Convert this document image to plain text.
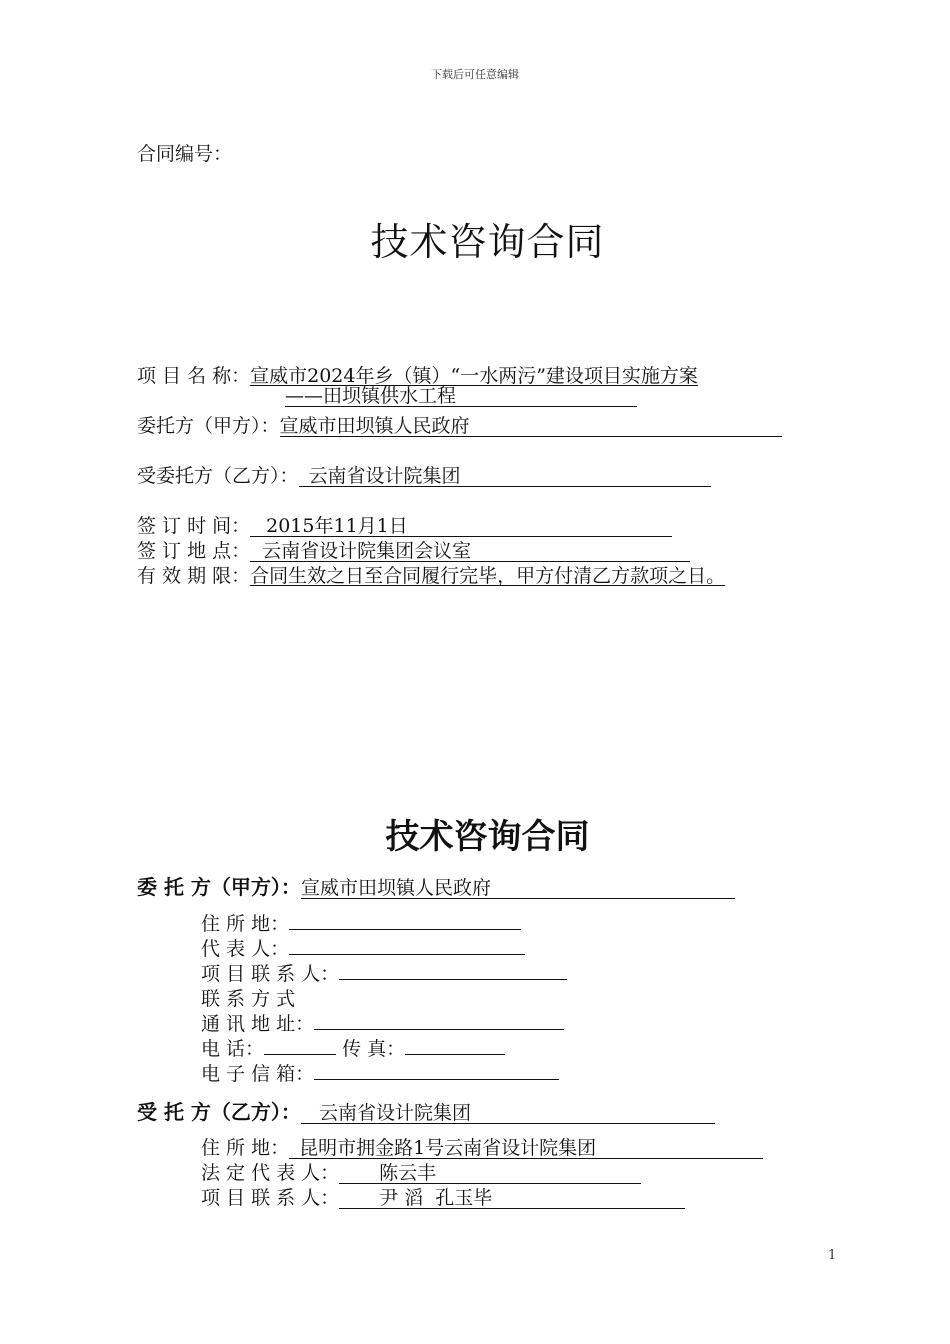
下载后可任意编辑
合同编号：
技术咨询合同
项 目 名 称：宣威市2024年乡（镇）“一水两污”建设项目实施方案
——田坝镇供水工程
委托方（甲方）：宣威市田坝镇人民政府
受委托方（乙方）： 云南省设计院集团
签 订 时 间： 2015年11月1日
签 订 地 点： 云南省设计院集团会议室
有 效 期 限：合同生效之日至合同履行完毕，甲方付清乙方款项之日。
技术咨询合同
委 托 方（甲方）：宣威市田坝镇人民政府
住 所 地：
代 表 人：
项 目 联 系 人：
联 系 方 式
通 讯 地 址：
电 话：	传 真：
电 子 信 箱：
受 托 方（乙方）： 云南省设计院集团
住 所 地： 昆明市拥金路1号云南省设计院集团
法 定 代 表 人： 陈云丰
项 目 联 系 人： 尹 滔  孔玉毕
1
